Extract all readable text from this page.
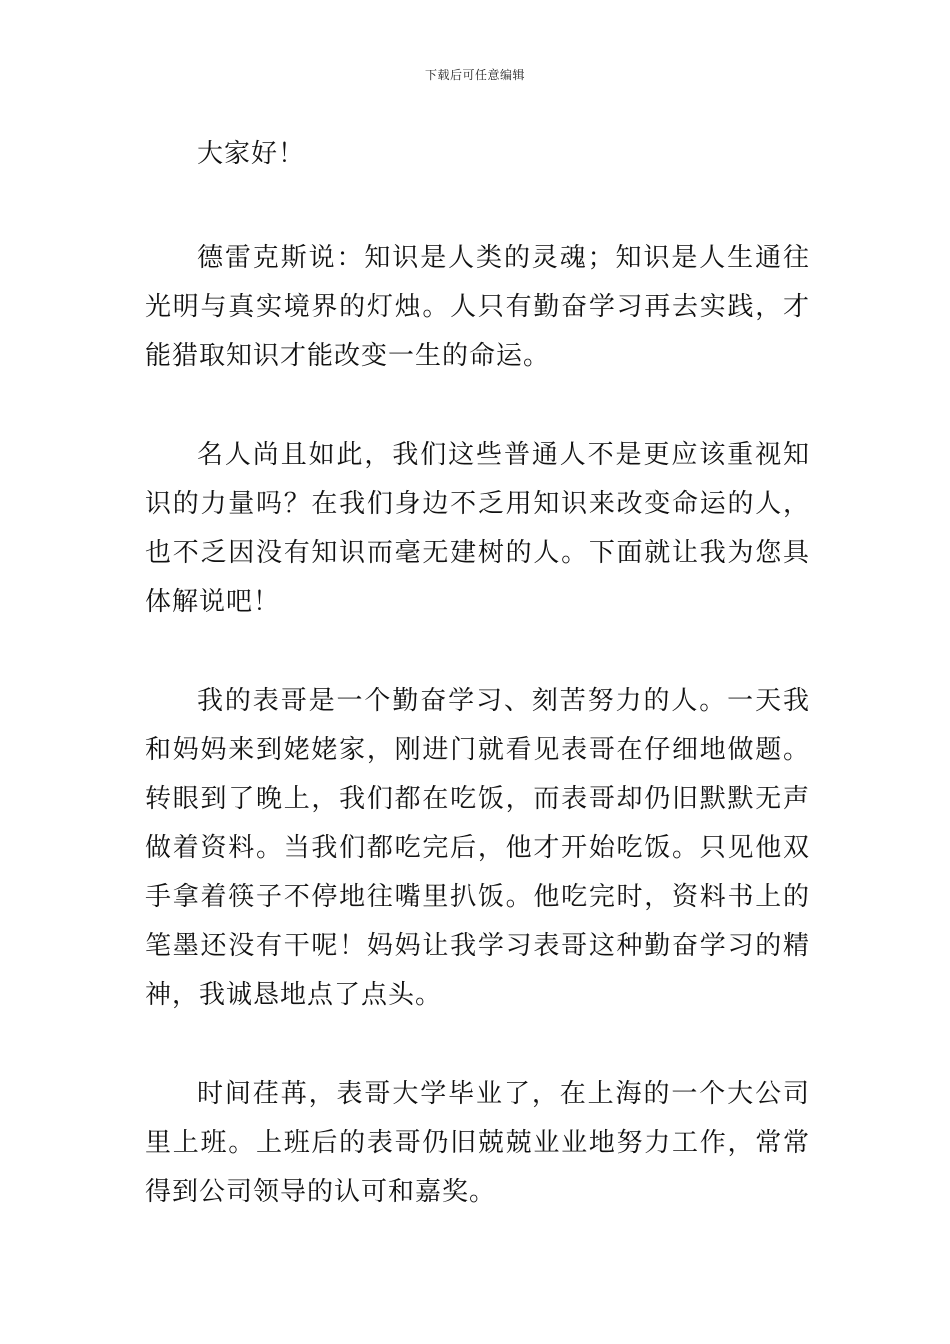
下载后可任意编辑

大家好！

德雷克斯说：知识是人类的灵魂；知识是人生通往光明与真实境界的灯烛。人只有勤奋学习再去实践，才能猎取知识才能改变一生的命运。

名人尚且如此，我们这些普通人不是更应该重视知识的力量吗？在我们身边不乏用知识来改变命运的人，也不乏因没有知识而毫无建树的人。下面就让我为您具体解说吧！

我的表哥是一个勤奋学习、刻苦努力的人。一天我和妈妈来到姥姥家，刚进门就看见表哥在仔细地做题。转眼到了晚上，我们都在吃饭，而表哥却仍旧默默无声做着资料。当我们都吃完后，他才开始吃饭。只见他双手拿着筷子不停地往嘴里扒饭。他吃完时，资料书上的笔墨还没有干呢！妈妈让我学习表哥这种勤奋学习的精神，我诚恳地点了点头。

时间荏苒，表哥大学毕业了，在上海的一个大公司里上班。上班后的表哥仍旧兢兢业业地努力工作，常常得到公司领导的认可和嘉奖。
